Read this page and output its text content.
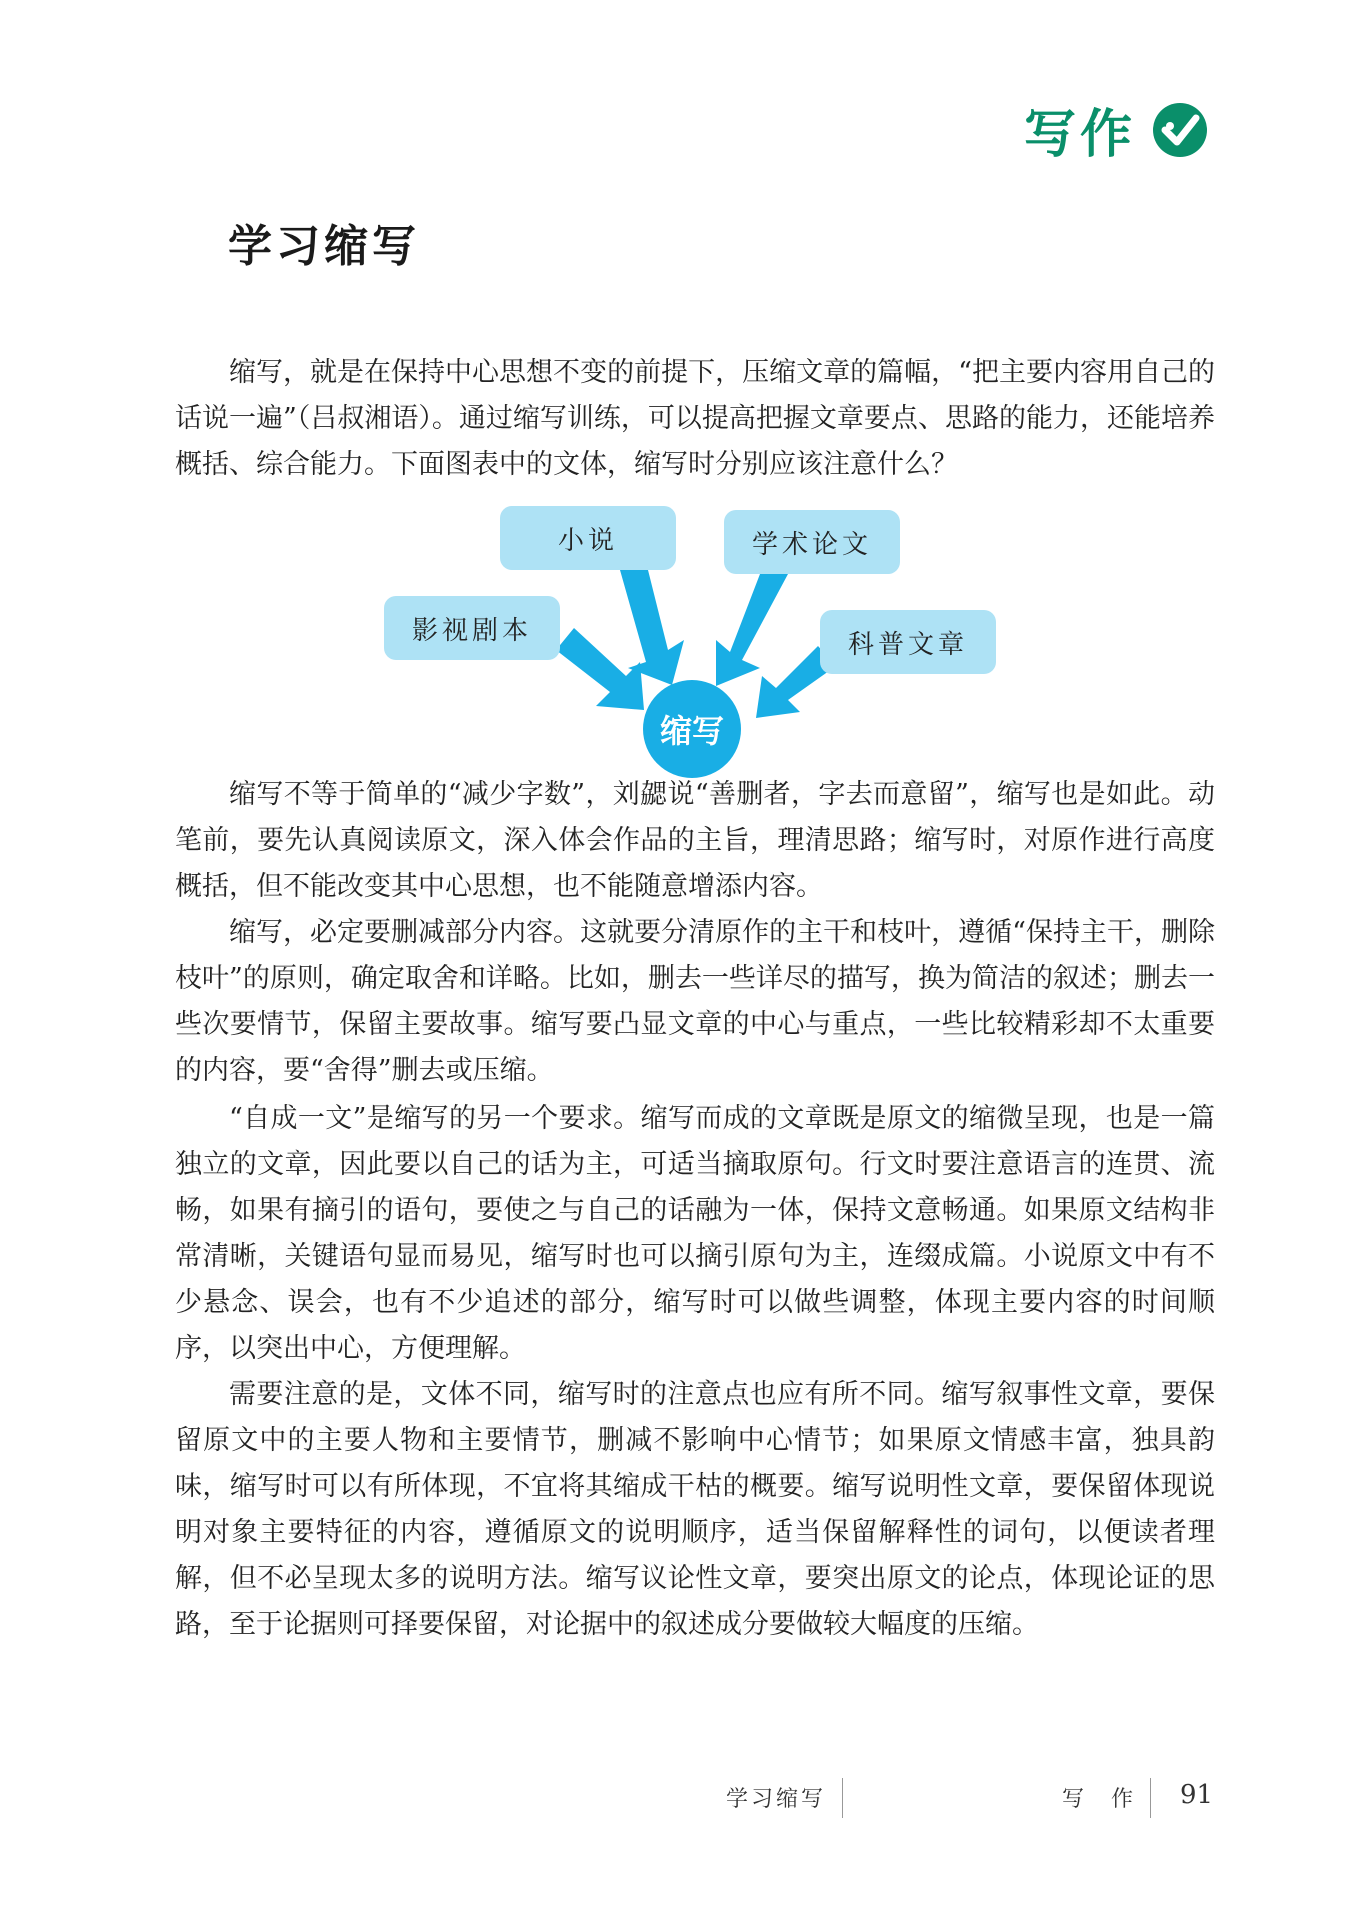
写作
学习缩写

缩写，就是在保持中心思想不变的前提下，压缩文章的篇幅，“把主要内容用自己的话说一遍”（吕叔湘语）。通过缩写训练，可以提高把握文章要点、思路的能力，还能培养概括、综合能力。下面图表中的文体，缩写时分别应该注意什么？

小说	学术论文
影视剧本	科普文章
缩写

缩写不等于简单的“减少字数”，刘勰说“善删者，字去而意留”，缩写也是如此。动笔前，要先认真阅读原文，深入体会作品的主旨，理清思路；缩写时，对原作进行高度概括，但不能改变其中心思想，也不能随意增添内容。

缩写，必定要删减部分内容。这就要分清原作的主干和枝叶，遵循“保持主干，删除枝叶”的原则，确定取舍和详略。比如，删去一些详尽的描写，换为简洁的叙述；删去一些次要情节，保留主要故事。缩写要凸显文章的中心与重点，一些比较精彩却不太重要的内容，要“舍得”删去或压缩。

“自成一文”是缩写的另一个要求。缩写而成的文章既是原文的缩微呈现，也是一篇独立的文章，因此要以自己的话为主，可适当摘取原句。行文时要注意语言的连贯、流畅，如果有摘引的语句，要使之与自己的话融为一体，保持文意畅通。如果原文结构非常清晰，关键语句显而易见，缩写时也可以摘引原句为主，连缀成篇。小说原文中有不少悬念、误会，也有不少追述的部分，缩写时可以做些调整，体现主要内容的时间顺序，以突出中心，方便理解。

需要注意的是，文体不同，缩写时的注意点也应有所不同。缩写叙事性文章，要保留原文中的主要人物和主要情节，删减不影响中心情节；如果原文情感丰富，独具韵味，缩写时可以有所体现，不宜将其缩成干枯的概要。缩写说明性文章，要保留体现说明对象主要特征的内容，遵循原文的说明顺序，适当保留解释性的词句，以便读者理解，但不必呈现太多的说明方法。缩写议论性文章，要突出原文的论点，体现论证的思路，至于论据则可择要保留，对论据中的叙述成分要做较大幅度的压缩。

学习缩写	写 作 91
